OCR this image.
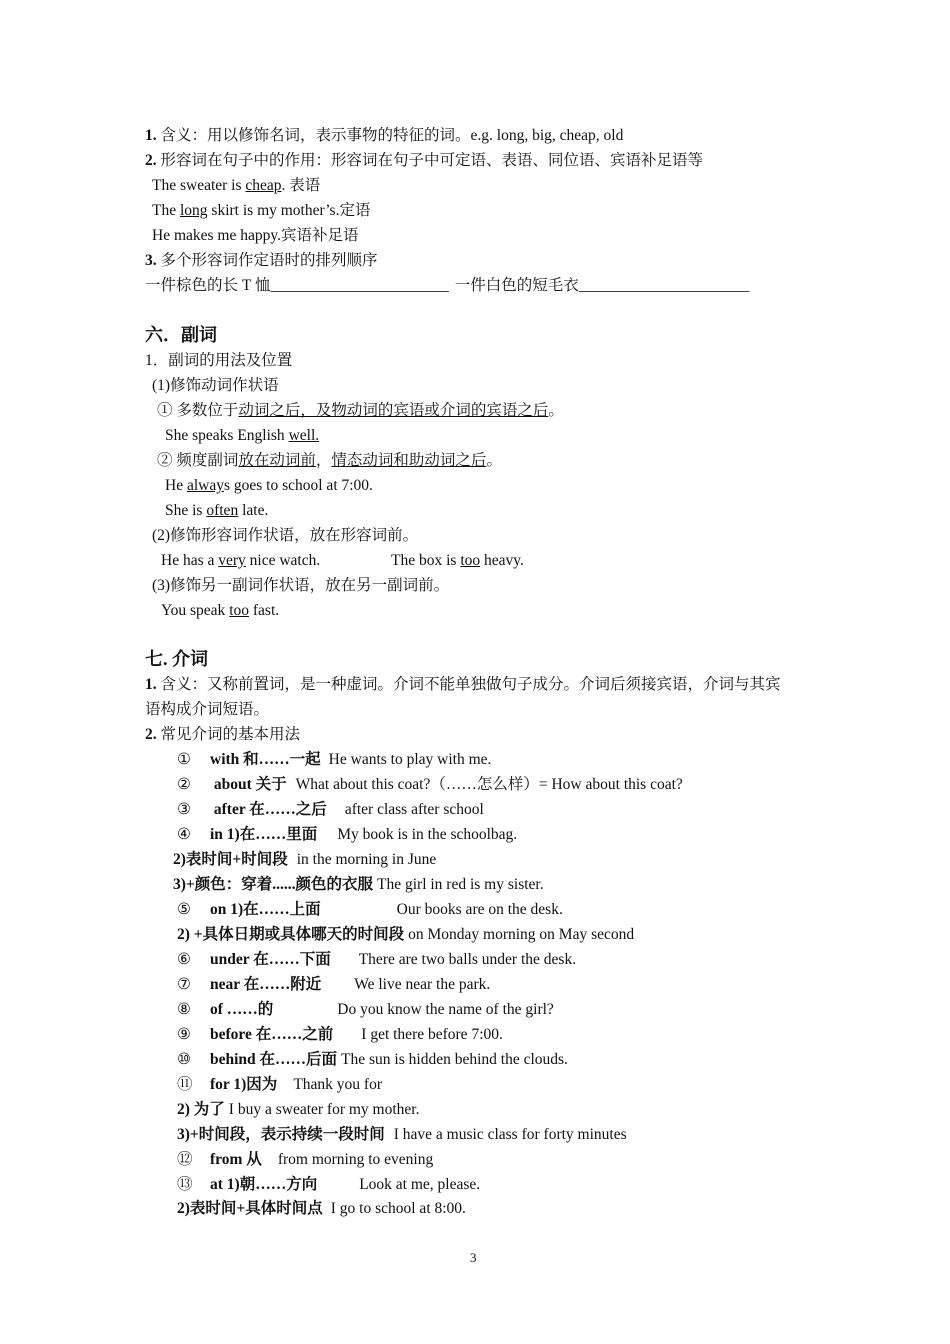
1. 含义：用以修饰名词，表示事物的特征的词。e.g. long, big, cheap, old
2. 形容词在句子中的作用：形容词在句子中可定语、表语、同位语、宾语补足语等
The sweater is cheap. 表语
The long skirt is my mother’s.定语
He makes me happy.宾语补足语
3. 多个形容词作定语时的排列顺序
一件棕色的长 T 恤_______________________ 一件白色的短毛衣______________________
六．副词
1．副词的用法及位置
(1)修饰动词作状语
① 多数位于动词之后，及物动词的宾语或介词的宾语之后。
She speaks English well.
② 频度副词放在动词前，情态动词和助动词之后。
He always goes to school at 7:00.
She is often late.
(2)修饰形容词作状语，放在形容词前。
He has a very nice watch.	The box is too heavy.
(3)修饰另一副词作状语，放在另一副词前。
You speak too fast.
七. 介词
1. 含义：又称前置词，是一种虚词。介词不能单独做句子成分。介词后须接宾语，介词与其宾
语构成介词短语。
2. 常见介词的基本用法
① with 和……一起 He wants to play with me.
② about 关于 What about this coat?（……怎么样）= How about this coat?
③ after 在……之后 after class after school
④ in 1)在……里面 My book is in the schoolbag.
2)表时间+时间段 in the morning in June
3)+颜色：穿着......颜色的衣服 The girl in red is my sister.
⑤ on 1)在……上面	Our books are on the desk.
2) +具体日期或具体哪天的时间段 on Monday morning on May second
⑥ under 在……下面 There are two balls under the desk.
⑦ near 在……附近 We live near the park.
⑧ of ……的	Do you know the name of the girl?
⑨ before 在……之前 I get there before 7:00.
⑩ behind 在……后面 The sun is hidden behind the clouds.
⑪ for 1)因为 Thank you for
2) 为了 I buy a sweater for my mother.
3)+时间段，表示持续一段时间 I have a music class for forty minutes
⑫ from 从 from morning to evening
⑬ at 1)朝……方向	Look at me, please.
2)表时间+具体时间点 I go to school at 8:00.
3
